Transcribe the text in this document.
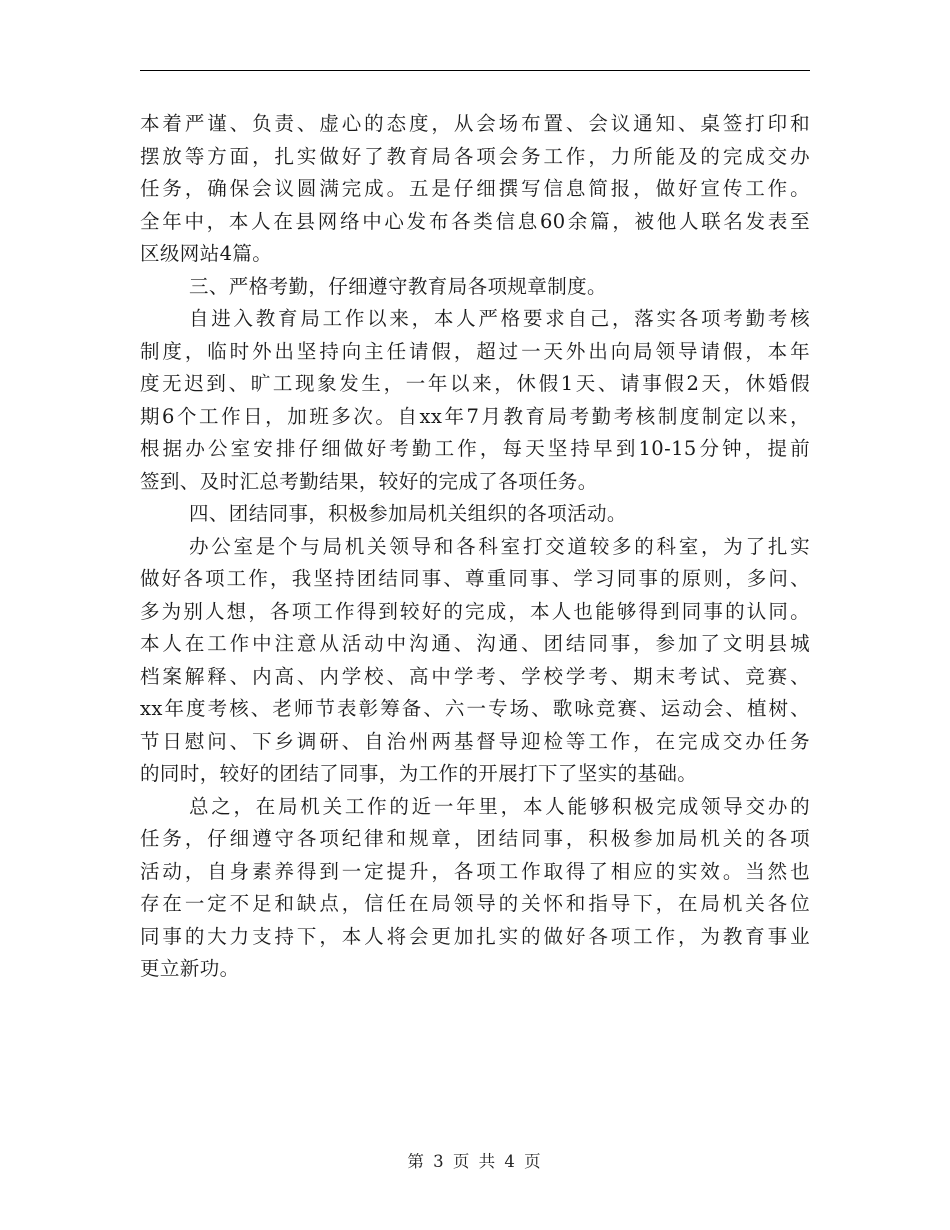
本着严谨、负责、虚心的态度，从会场布置、会议通知、桌签打印和
摆放等方面，扎实做好了教育局各项会务工作，力所能及的完成交办
任务，确保会议圆满完成。五是仔细撰写信息简报，做好宣传工作。
全年中，本人在县网络中心发布各类信息60余篇，被他人联名发表至
区级网站4篇。
三、严格考勤，仔细遵守教育局各项规章制度。
自进入教育局工作以来，本人严格要求自己，落实各项考勤考核
制度，临时外出坚持向主任请假，超过一天外出向局领导请假，本年
度无迟到、旷工现象发生，一年以来，休假1天、请事假2天，休婚假
期6个工作日，加班多次。自xx年7月教育局考勤考核制度制定以来，
根据办公室安排仔细做好考勤工作，每天坚持早到10-15分钟，提前
签到、及时汇总考勤结果，较好的完成了各项任务。
四、团结同事，积极参加局机关组织的各项活动。
办公室是个与局机关领导和各科室打交道较多的科室，为了扎实
做好各项工作，我坚持团结同事、尊重同事、学习同事的原则，多问、
多为别人想，各项工作得到较好的完成，本人也能够得到同事的认同。
本人在工作中注意从活动中沟通、沟通、团结同事，参加了文明县城
档案解释、内高、内学校、高中学考、学校学考、期末考试、竞赛、
xx年度考核、老师节表彰筹备、六一专场、歌咏竞赛、运动会、植树、
节日慰问、下乡调研、自治州两基督导迎检等工作，在完成交办任务
的同时，较好的团结了同事，为工作的开展打下了坚实的基础。
总之，在局机关工作的近一年里，本人能够积极完成领导交办的
任务，仔细遵守各项纪律和规章，团结同事，积极参加局机关的各项
活动，自身素养得到一定提升，各项工作取得了相应的实效。当然也
存在一定不足和缺点，信任在局领导的关怀和指导下，在局机关各位
同事的大力支持下，本人将会更加扎实的做好各项工作，为教育事业
更立新功。
第 3 页 共 4 页
